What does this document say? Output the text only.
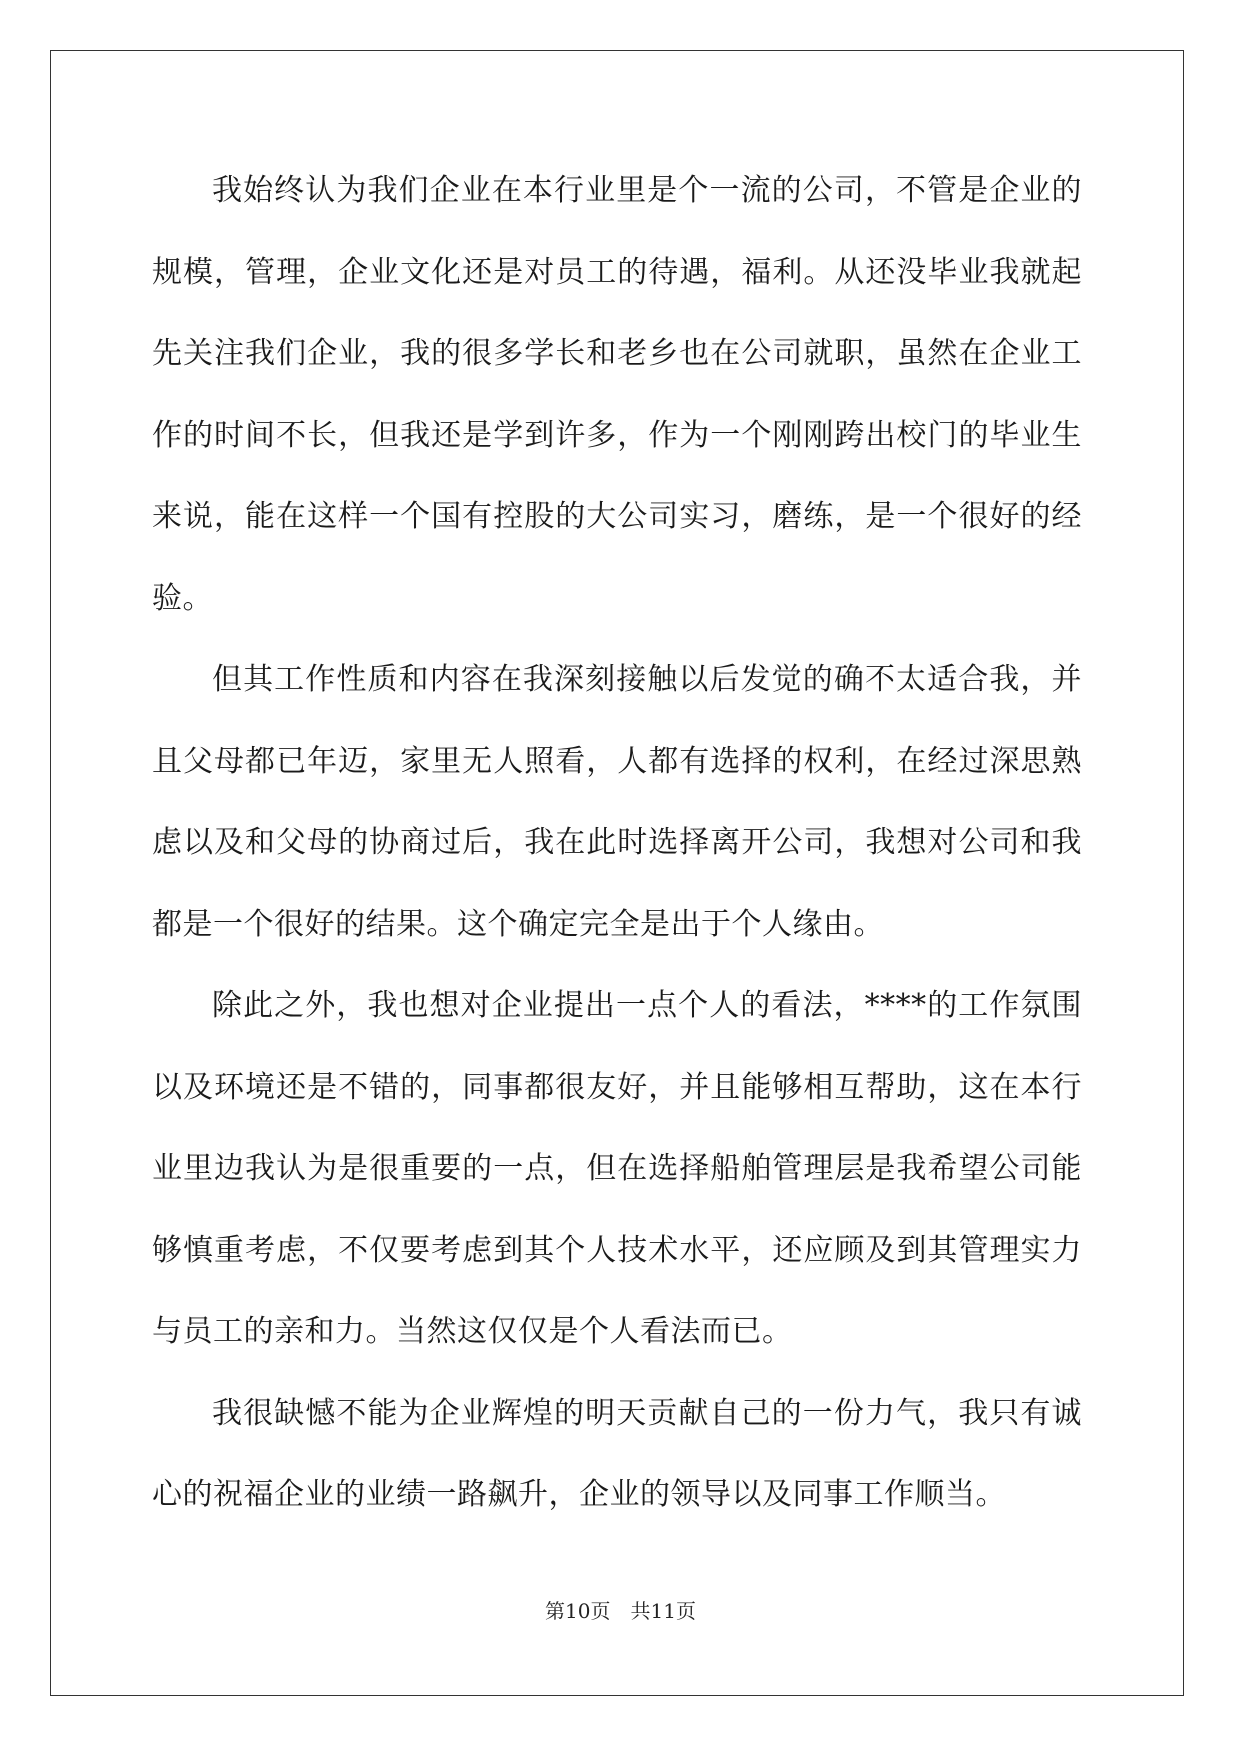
我始终认为我们企业在本行业里是个一流的公司，不管是企业的规模，管理，企业文化还是对员工的待遇，福利。从还没毕业我就起先关注我们企业，我的很多学长和老乡也在公司就职，虽然在企业工作的时间不长，但我还是学到许多，作为一个刚刚跨出校门的毕业生来说，能在这样一个国有控股的大公司实习，磨练，是一个很好的经验。

但其工作性质和内容在我深刻接触以后发觉的确不太适合我，并且父母都已年迈，家里无人照看，人都有选择的权利，在经过深思熟虑以及和父母的协商过后，我在此时选择离开公司，我想对公司和我都是一个很好的结果。这个确定完全是出于个人缘由。

除此之外，我也想对企业提出一点个人的看法，****的工作氛围以及环境还是不错的，同事都很友好，并且能够相互帮助，这在本行业里边我认为是很重要的一点，但在选择船舶管理层是我希望公司能够慎重考虑，不仅要考虑到其个人技术水平，还应顾及到其管理实力与员工的亲和力。当然这仅仅是个人看法而已。

我很缺憾不能为企业辉煌的明天贡献自己的一份力气，我只有诚心的祝福企业的业绩一路飙升，企业的领导以及同事工作顺当。

第10页 共11页
